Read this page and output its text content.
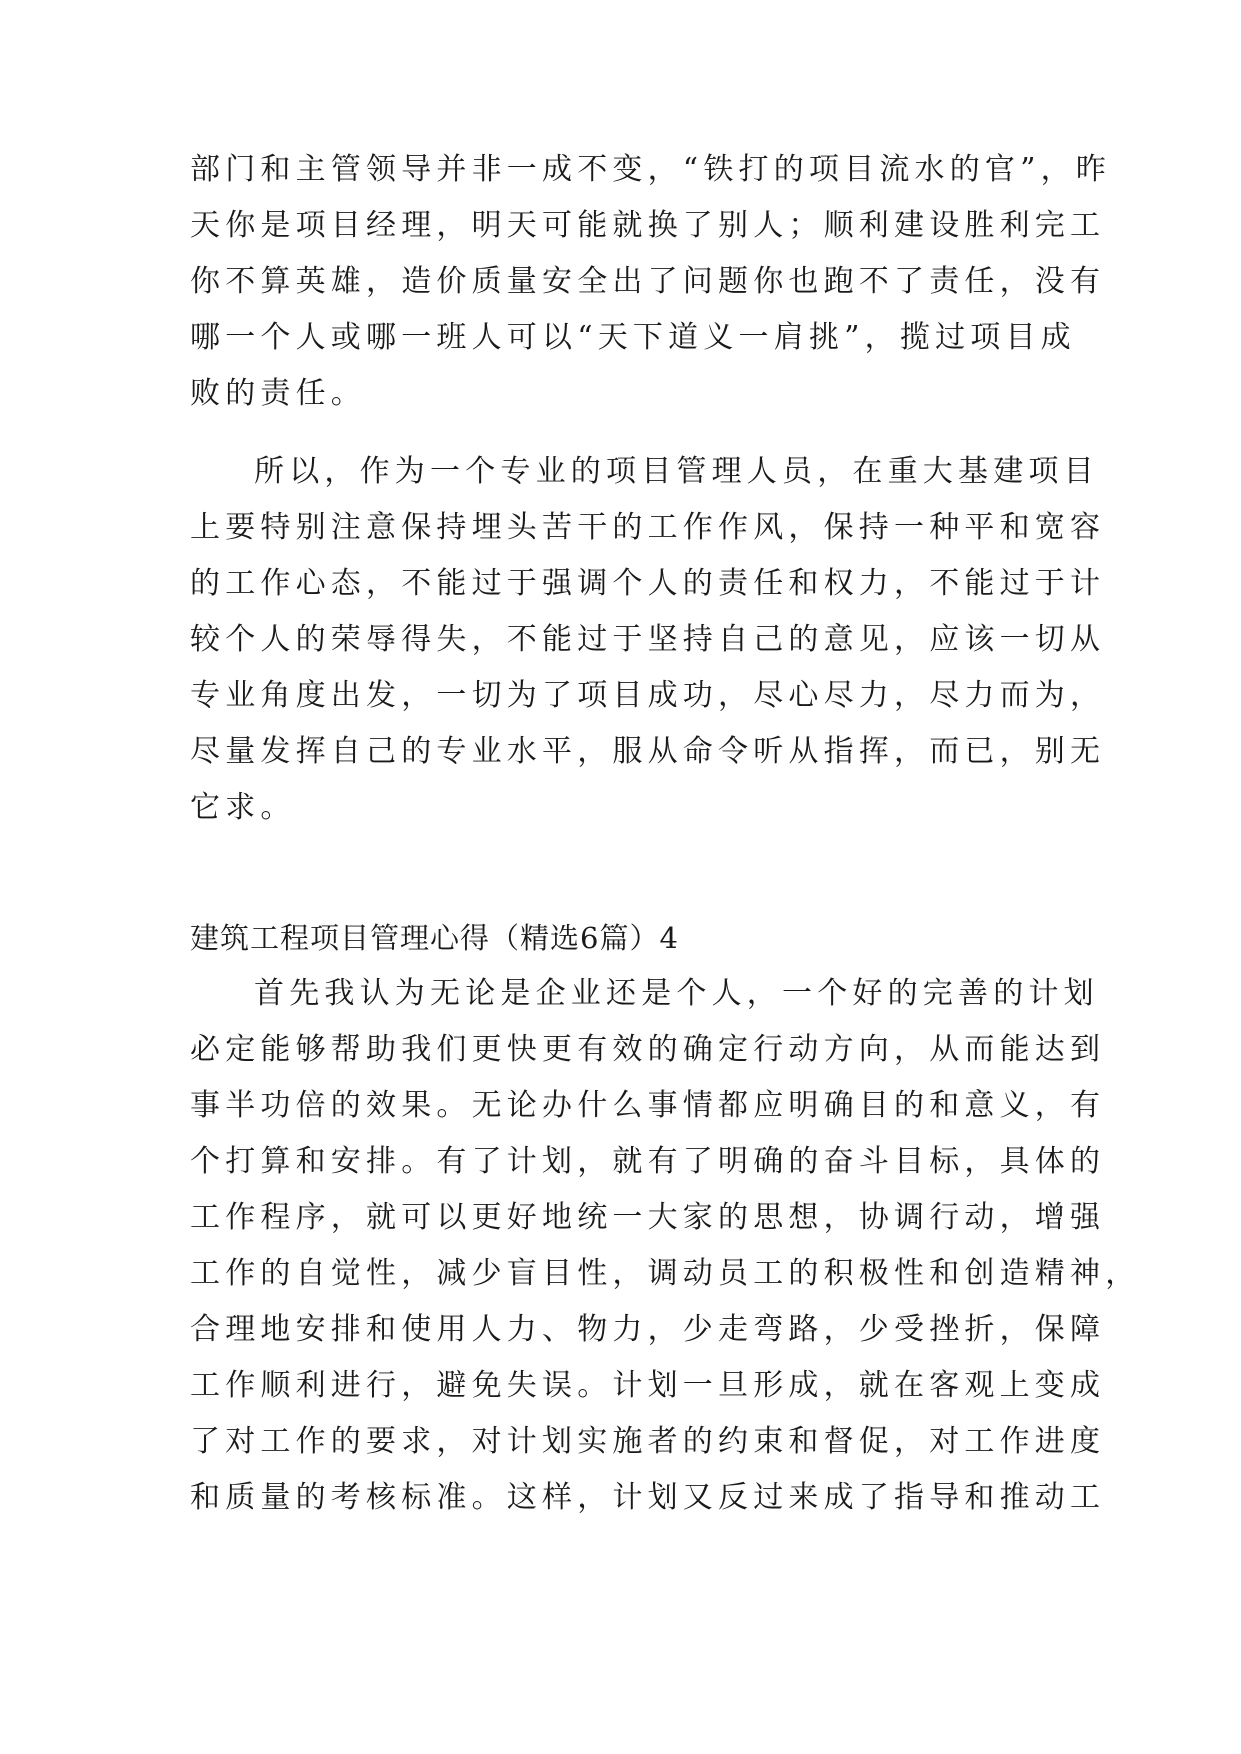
部门和主管领导并非一成不变，“铁打的项目流水的官”，昨
天你是项目经理，明天可能就换了别人；顺利建设胜利完工
你不算英雄，造价质量安全出了问题你也跑不了责任，没有
哪一个人或哪一班人可以“天下道义一肩挑”，揽过项目成
败的责任。
所以，作为一个专业的项目管理人员，在重大基建项目
上要特别注意保持埋头苦干的工作作风，保持一种平和宽容
的工作心态，不能过于强调个人的责任和权力，不能过于计
较个人的荣辱得失，不能过于坚持自己的意见，应该一切从
专业角度出发，一切为了项目成功，尽心尽力，尽力而为，
尽量发挥自己的专业水平，服从命令听从指挥，而已，别无
它求。
建筑工程项目管理心得（精选6篇）4
首先我认为无论是企业还是个人，一个好的完善的计划
必定能够帮助我们更快更有效的确定行动方向，从而能达到
事半功倍的效果。无论办什么事情都应明确目的和意义，有
个打算和安排。有了计划，就有了明确的奋斗目标，具体的
工作程序，就可以更好地统一大家的思想，协调行动，增强
工作的自觉性，减少盲目性，调动员工的积极性和创造精神，
合理地安排和使用人力、物力，少走弯路，少受挫折，保障
工作顺利进行，避免失误。计划一旦形成，就在客观上变成
了对工作的要求，对计划实施者的约束和督促，对工作进度
和质量的考核标准。这样，计划又反过来成了指导和推动工
